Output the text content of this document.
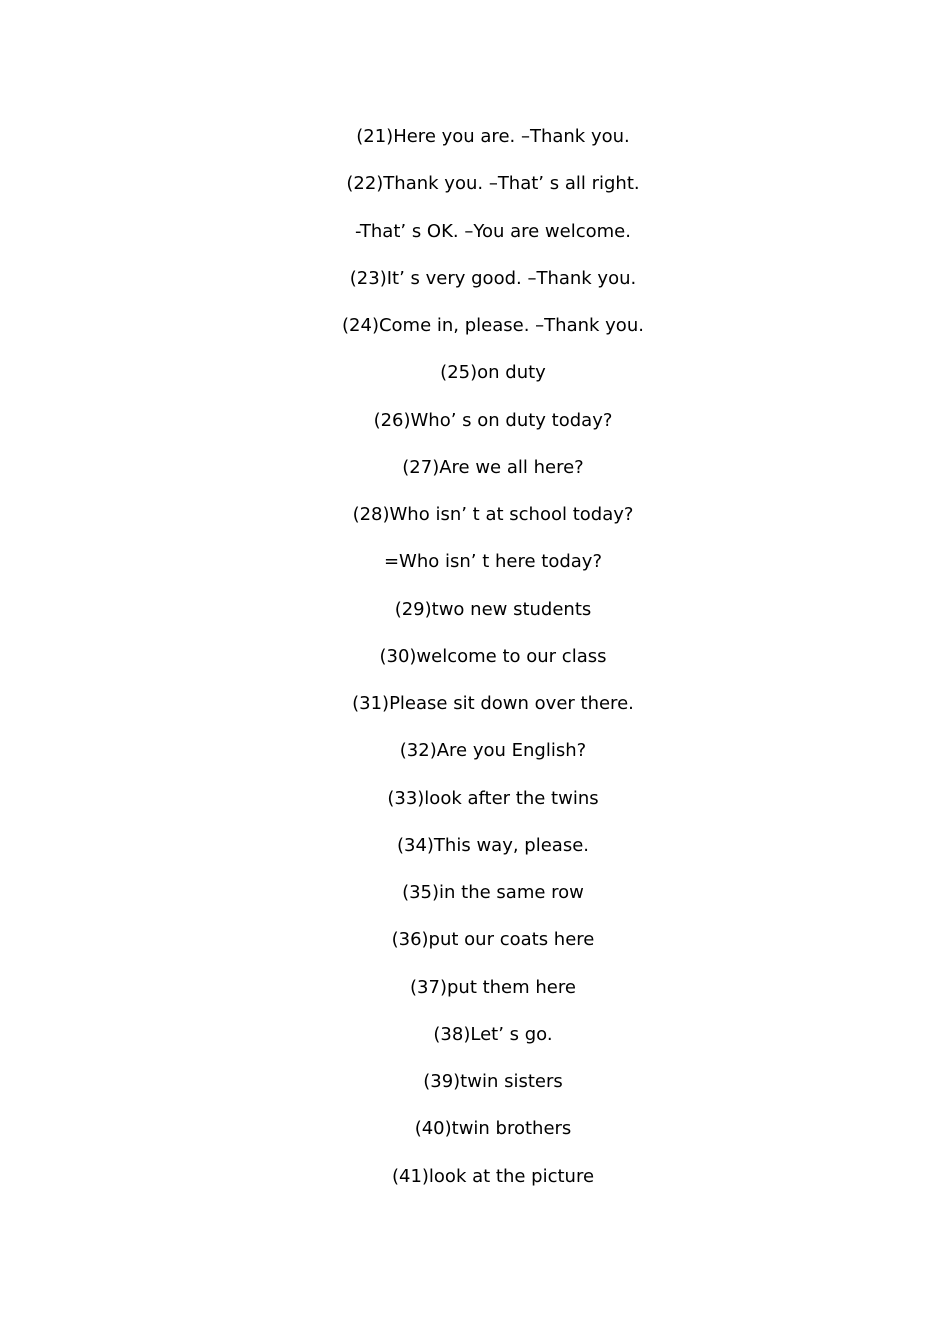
(21)Here you are. –Thank you.
(22)Thank you. –That’ s all right.
-That’ s OK. –You are welcome.
(23)It’ s very good. –Thank you.
(24)Come in, please. –Thank you.
(25)on duty
(26)Who’ s on duty today?
(27)Are we all here?
(28)Who isn’ t at school today?
=Who isn’ t here today?
(29)two new students
(30)welcome to our class
(31)Please sit down over there.
(32)Are you English?
(33)look after the twins
(34)This way, please.
(35)in the same row
(36)put our coats here
(37)put them here
(38)Let’ s go.
(39)twin sisters
(40)twin brothers
(41)look at the picture
